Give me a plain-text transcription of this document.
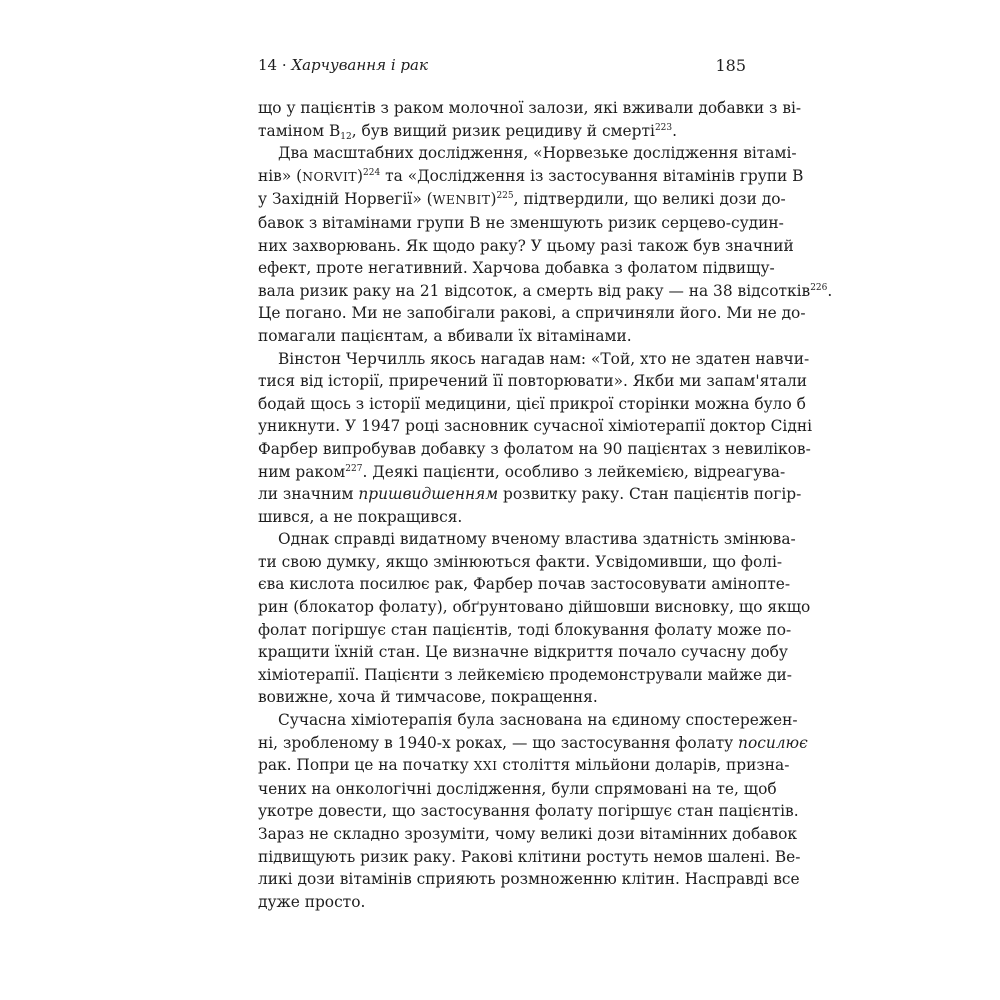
14 · Харчування і рак	185
що у пацієнтів з раком молочної залози, які вживали добавки з ві-
таміном $B_{12}$, був вищий ризик рецидиву й смерті$^{223}$.
Два масштабних дослідження, «Норвезьке дослідження вітамі-
нів» (NORVIT)$^{224}$ та «Дослідження із застосування вітамінів групи B
у Західній Норвегії» (WENBIT)$^{225}$, підтвердили, що великі дози до-
бавок з вітамінами групи B не зменшують ризик серцево-судин-
них захворювань. Як щодо раку? У цьому разі також був значний
ефект, проте негативний. Харчова добавка з фолатом підвищу-
вала ризик раку на 21 відсоток, а смерть від раку — на 38 відсотків$^{226}$.
Це погано. Ми не запобігали ракові, а спричиняли його. Ми не до-
помагали пацієнтам, а вбивали їх вітамінами.
Вінстон Черчилль якось нагадав нам: «Той, хто не здатен навчи-
тися від історії, приречений її повторювати». Якби ми запам'ятали
бодай щось з історії медицини, цієї прикрої сторінки можна було б
уникнути. У 1947 році засновник сучасної хіміотерапії доктор Сідні
Фарбер випробував добавку з фолатом на 90 пацієнтах з невиліков-
ним раком$^{227}$. Деякі пацієнти, особливо з лейкемією, відреагува-
ли значним пришвидшенням розвитку раку. Стан пацієнтів погір-
шився, а не покращився.
Однак справді видатному вченому властива здатність змінюва-
ти свою думку, якщо змінюються факти. Усвідомивши, що фолі-
єва кислота посилює рак, Фарбер почав застосовувати аміноптe-
рин (блокатор фолату), обґрунтовано дійшовши висновку, що якщо
фолат погіршує стан пацієнтів, тоді блокування фолату може по-
кращити їхній стан. Це визначне відкриття почало сучасну добу
хіміотерапії. Пацієнти з лейкемією продемонстрували майже ди-
вовижне, хоча й тимчасове, покращення.
Сучасна хіміотерапія була заснована на єдиному спостережен-
ні, зробленому в 1940-х роках, — що застосування фолату посилює
рак. Попри це на початку XXI століття мільйони доларів, призна-
чених на онкологічні дослідження, були спрямовані на те, щоб
укотре довести, що застосування фолату погіршує стан пацієнтів.
Зараз не складно зрозуміти, чому великі дози вітамінних добавок
підвищують ризик раку. Ракові клітини ростуть немов шалені. Ве-
ликі дози вітамінів сприяють розмноженню клітин. Насправді все
дуже просто.
